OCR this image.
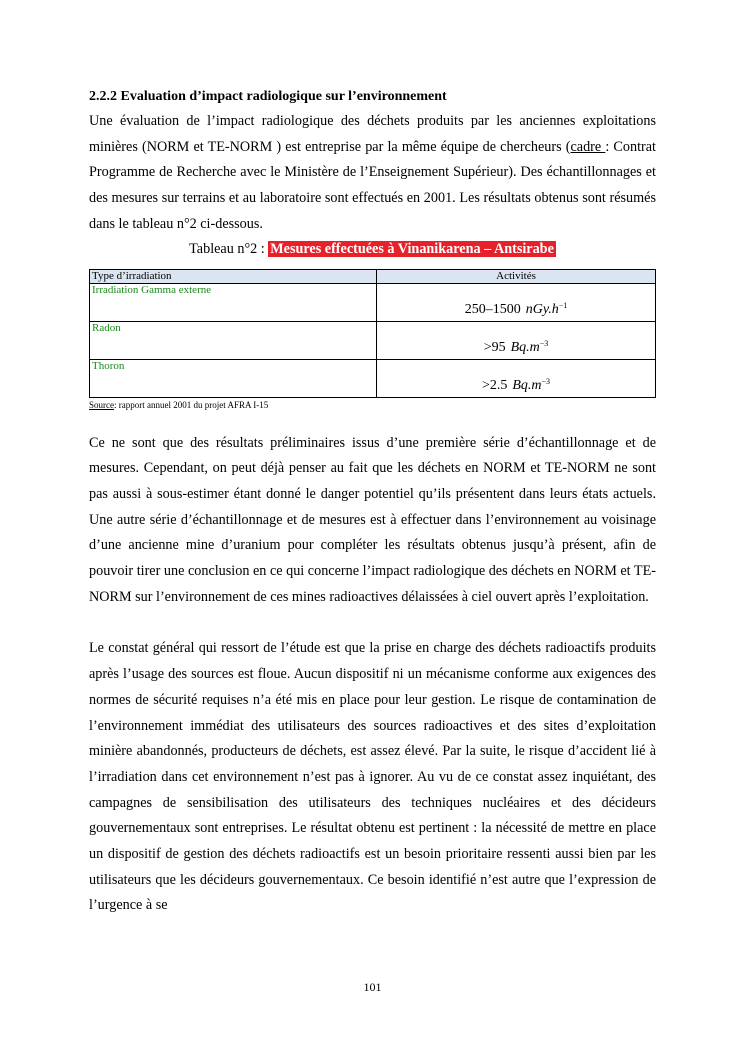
2.2.2 Evaluation d’impact radiologique sur l’environnement

Une évaluation de l’impact radiologique des déchets produits par les anciennes exploitations minières (NORM et TE-NORM ) est entreprise par la même équipe de chercheurs (cadre : Contrat Programme de Recherche avec le Ministère de l’Enseignement Supérieur). Des échantillonnages et des mesures sur terrains et au laboratoire sont effectués en 2001. Les résultats obtenus sont résumés dans le tableau n°2 ci-dessous.

Tableau n°2 : Mesures effectuées à Vinanikarena – Antsirabe

Type d’irradiation	Activités
Irradiation Gamma externe	250–1500 $nGy.h^{-1}$
Radon	>95 $Bq.m^{-3}$
Thoron	>2.5 $Bq.m^{-3}$

Source: rapport annuel 2001 du projet AFRA I-15

Ce ne sont que des résultats préliminaires issus d’une première série d’échantillonnage et de mesures. Cependant, on peut déjà penser au fait que les déchets en NORM et TE-NORM ne sont pas aussi à sous-estimer étant donné le danger potentiel qu’ils présentent dans leurs états actuels. Une autre série d’échantillonnage et de mesures est à effectuer dans l’environnement au voisinage d’une ancienne mine d’uranium pour compléter les résultats obtenus jusqu’à présent, afin de pouvoir tirer une conclusion en ce qui concerne l’impact radiologique des déchets en NORM et TE-NORM sur l’environnement de ces mines radioactives délaissées à ciel ouvert après l’exploitation.

Le constat général qui ressort de l’étude est que la prise en charge des déchets radioactifs produits après l’usage des sources est floue. Aucun dispositif ni un mécanisme conforme aux exigences des normes de sécurité requises n’a été mis en place pour leur gestion. Le risque de contamination de l’environnement immédiat des utilisateurs des sources radioactives et des sites d’exploitation minière abandonnés, producteurs de déchets, est assez élevé. Par la suite, le risque d’accident lié à l’irradiation dans cet environnement n’est pas à ignorer. Au vu de ce constat assez inquiétant, des campagnes de sensibilisation des utilisateurs des techniques nucléaires et des décideurs gouvernementaux sont entreprises. Le résultat obtenu est pertinent : la nécessité de mettre en place un dispositif de gestion des déchets radioactifs est un besoin prioritaire ressenti aussi bien par les utilisateurs que les décideurs gouvernementaux. Ce besoin identifié n’est autre que l’expression de l’urgence à se

101
